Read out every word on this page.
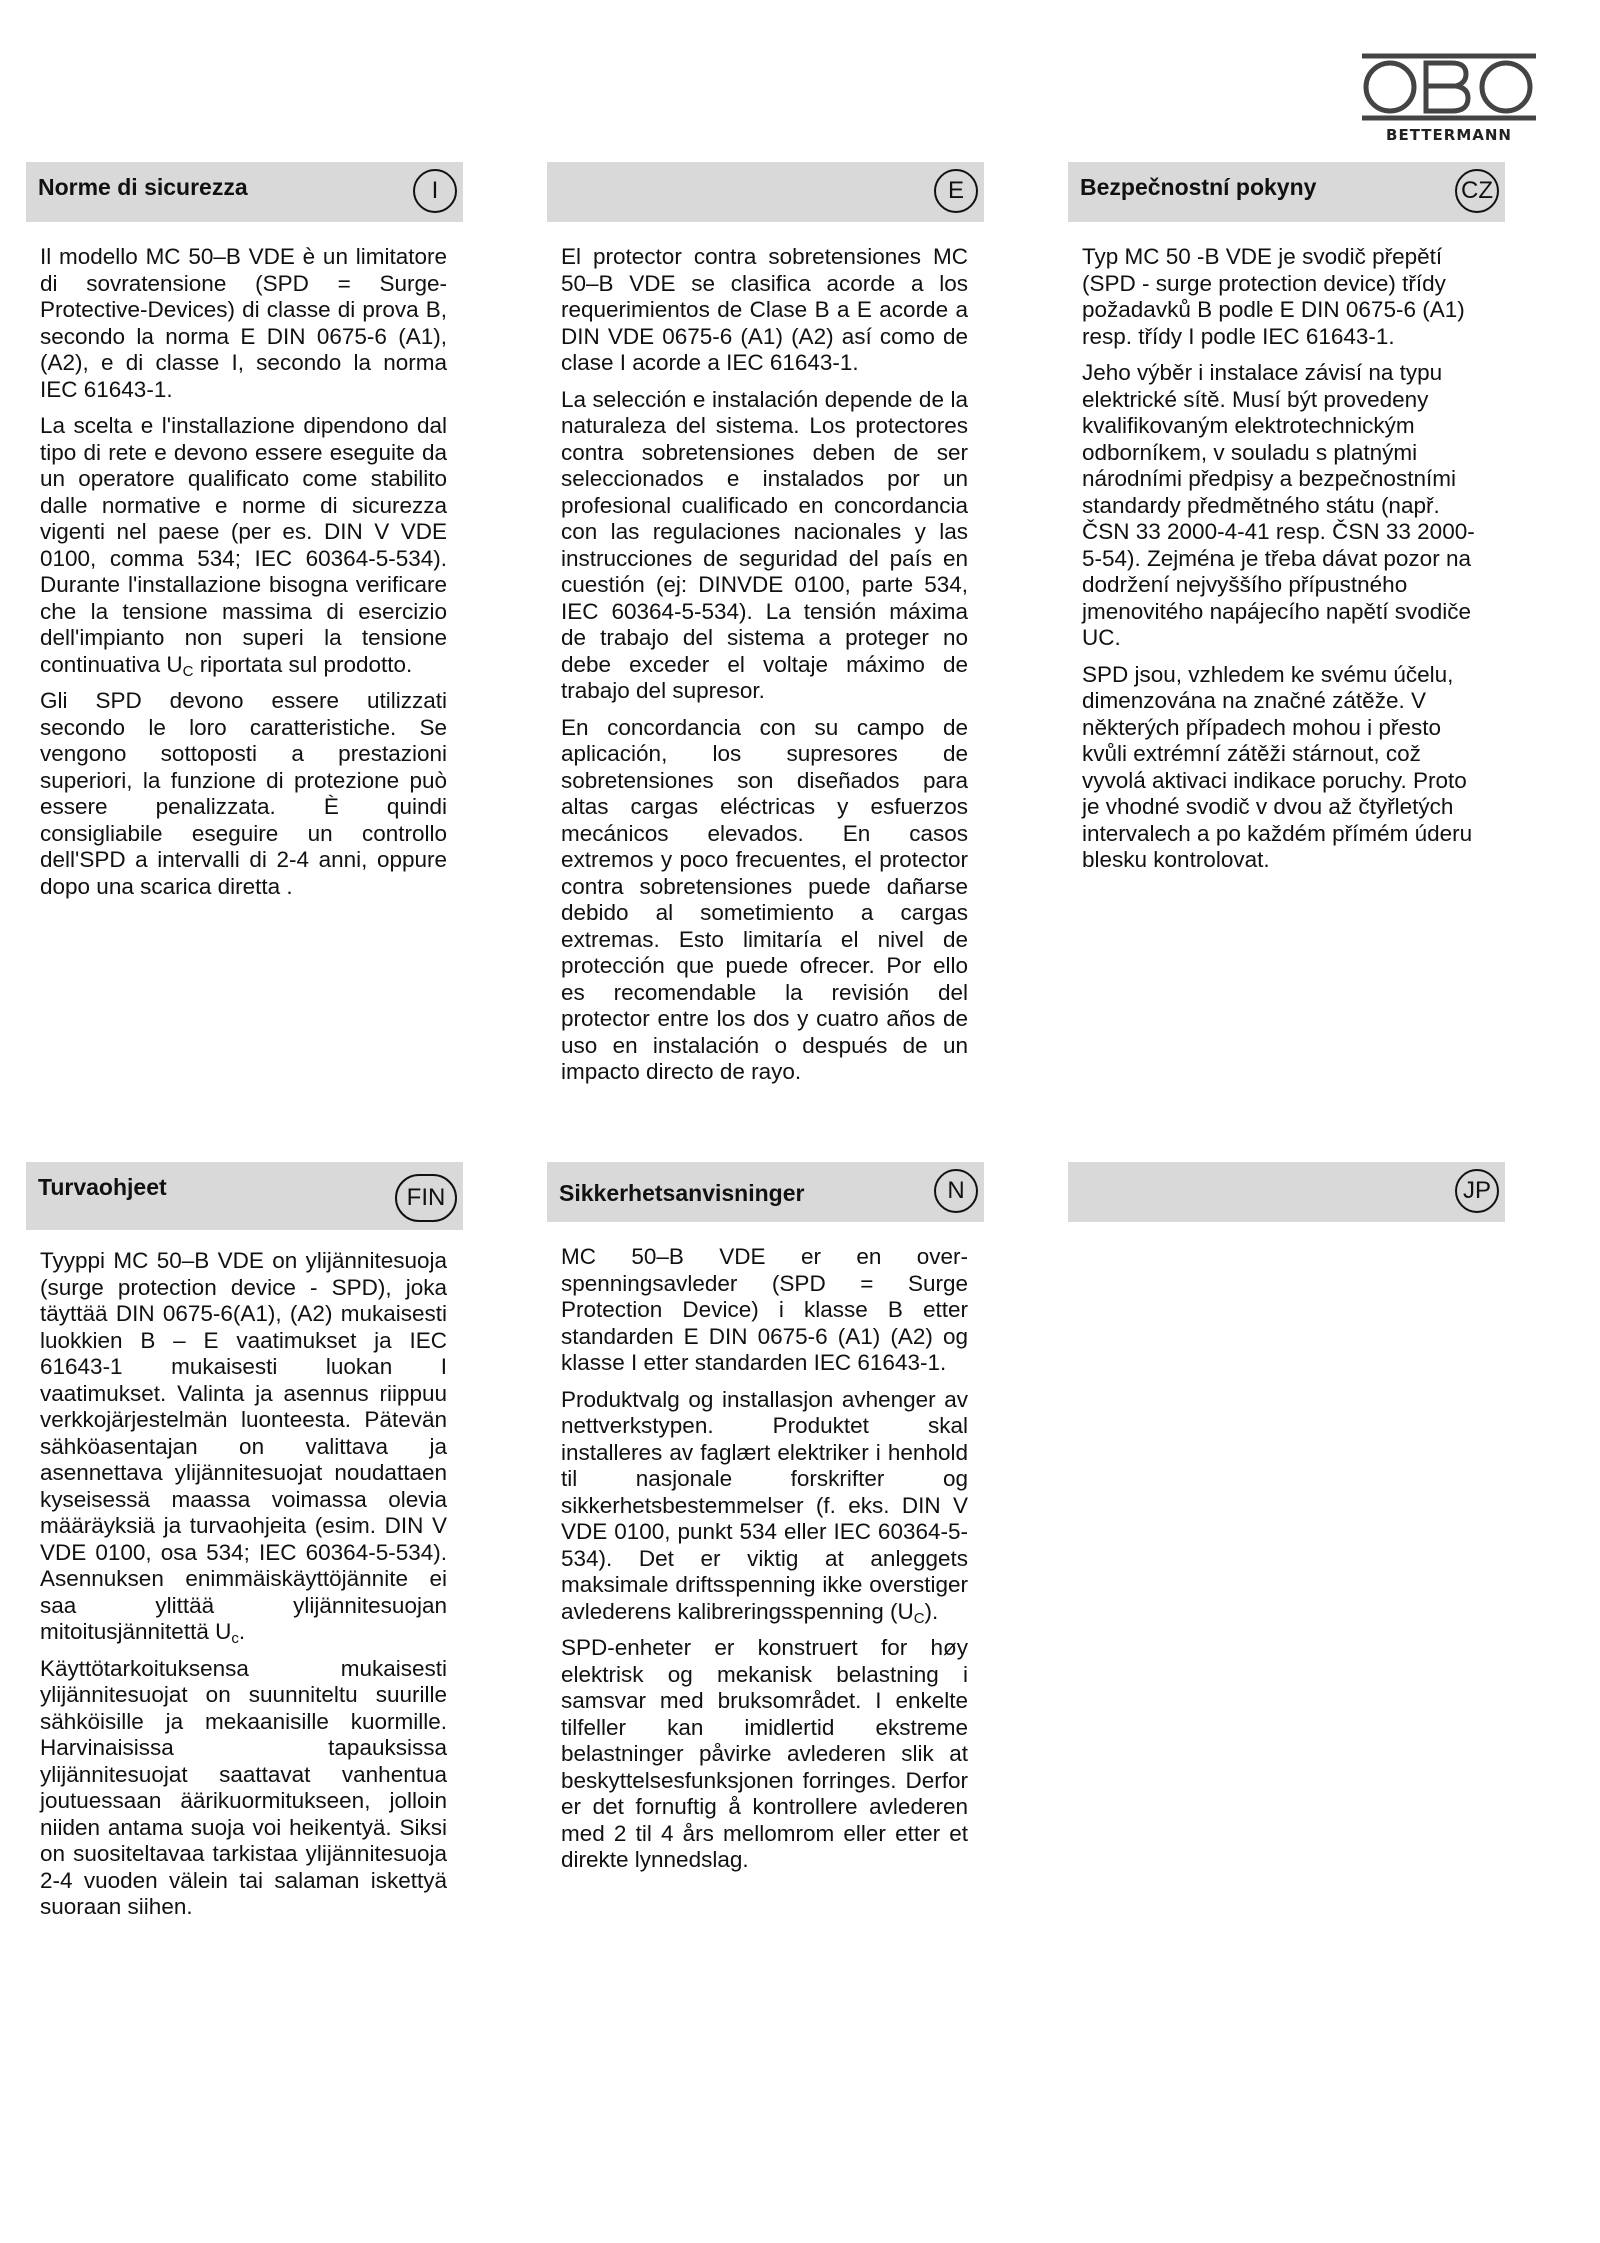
BETTERMANN
Norme di sicurezza	I

Il modello MC 50–B VDE è un limitatore di sovratensione (SPD = Surge- Protective-Devices) di classe di prova B, secondo la norma E DIN 0675-6 (A1), (A2), e di classe I, secondo la norma IEC 61643-1.

La scelta e l'installazione dipendono dal tipo di rete e devono essere eseguite da un operatore qualificato come stabilito dalle normative e norme di sicurezza vigenti nel paese (per es. DIN V VDE 0100, comma 534; IEC 60364-5-534). Durante l'installazione bisogna verificare che la tensione massima di esercizio dell'impianto non superi la tensione continuativa $U_C$ riportata sul prodotto.

Gli SPD devono essere utilizzati secondo le loro caratteristiche. Se vengono sottoposti a prestazioni superiori, la funzione di protezione può essere penalizzata. È quindi consigliabile eseguire un controllo dell'SPD a intervalli di 2-4 anni, oppure dopo una scarica diretta .

E

El protector contra sobretensiones MC 50–B VDE se clasifica acorde a los requerimientos de Clase B a E acorde a DIN VDE 0675-6 (A1) (A2) así como de clase I acorde a IEC 61643-1.

La selección e instalación depende de la naturaleza del sistema. Los protectores contra sobretensiones deben de ser seleccionados e instalados por un profesional cualificado en concordancia con las regulaciones nacionales y las instrucciones de seguridad del país en cuestión (ej: DINVDE 0100, parte 534, IEC 60364-5-534). La tensión máxima de trabajo del sistema a proteger no debe exceder el voltaje máximo de trabajo del supresor.

En concordancia con su campo de aplicación, los supresores de sobretensiones son diseñados para altas cargas eléctricas y esfuerzos mecánicos elevados. En casos extremos y poco frecuentes, el protector contra sobretensiones puede dañarse debido al sometimiento a cargas extremas. Esto limitaría el nivel de protección que puede ofrecer. Por ello es recomendable la revisión del protector entre los dos y cuatro años de uso en instalación o después de un impacto directo de rayo.

Bezpečnostní pokyny	CZ

Typ MC 50 -B VDE je svodič přepětí (SPD - surge protection device) třídy požadavků B podle E DIN 0675-6 (A1) resp. třídy I podle IEC 61643-1.

Jeho výběr i instalace závisí na typu elektrické sítě. Musí být provedeny kvalifikovaným elektrotechnickým odborníkem, v souladu s platnými národními předpisy a bezpečnostními standardy předmětného státu (např. ČSN 33 2000-4-41 resp. ČSN 33 2000-5-54). Zejména je třeba dávat pozor na dodržení nejvyššího přípustného jmenovitého napájecího napětí svodiče UC.

SPD jsou, vzhledem ke svému účelu, dimenzována na značné zátěže. V některých případech mohou i přesto kvůli extrémní zátěži stárnout, což vyvolá aktivaci indikace poruchy. Proto je vhodné svodič v dvou až čtyřletých intervalech a po každém přímém úderu blesku kontrolovat.

Turvaohjeet	FIN

Tyyppi MC 50–B VDE on ylijännitesuoja (surge protection device - SPD), joka täyttää DIN 0675-6(A1), (A2) mukaisesti luokkien B – E vaatimukset ja IEC 61643-1 mukaisesti luokan I vaatimukset. Valinta ja asennus riippuu verkkojärjestelmän luonteesta. Pätevän sähköasentajan on valittava ja asennettava ylijännitesuojat noudattaen kyseisessä maassa voimassa olevia määräyksiä ja turvaohjeita (esim. DIN V VDE 0100, osa 534; IEC 60364-5-534). Asennuksen enimmäiskäyttöjännite ei saa ylittää ylijännitesuojan mitoitusjännitettä $U_c$.

Käyttötarkoituksensa mukaisesti ylijännitesuojat on suunniteltu suurille sähköisille ja mekaanisille kuormille. Harvinaisissa tapauksissa ylijännitesuojat saattavat vanhentua joutuessaan äärikuormitukseen, jolloin niiden antama suoja voi heikentyä. Siksi on suositeltavaa tarkistaa ylijännitesuoja 2-4 vuoden välein tai salaman iskettyä suoraan siihen.

Sikkerhetsanvisninger	N

MC 50–B VDE er en over-spenningsavleder (SPD = Surge Protection Device) i klasse B etter standarden E DIN 0675-6 (A1) (A2) og klasse I etter standarden IEC 61643-1.

Produktvalg og installasjon avhenger av nettverkstypen. Produktet skal installeres av faglært elektriker i henhold til nasjonale forskrifter og sikkerhetsbestemmelser (f. eks. DIN V VDE 0100, punkt 534 eller IEC 60364-5-534). Det er viktig at anleggets maksimale driftsspenning ikke overstiger avlederens kalibreringsspenning $(U_C)$.

SPD-enheter er konstruert for høy elektrisk og mekanisk belastning i samsvar med bruksområdet. I enkelte tilfeller kan imidlertid ekstreme belastninger påvirke avlederen slik at beskyttelsesfunksjonen forringes. Derfor er det fornuftig å kontrollere avlederen med 2 til 4 års mellomrom eller etter et direkte lynnedslag.

JP
